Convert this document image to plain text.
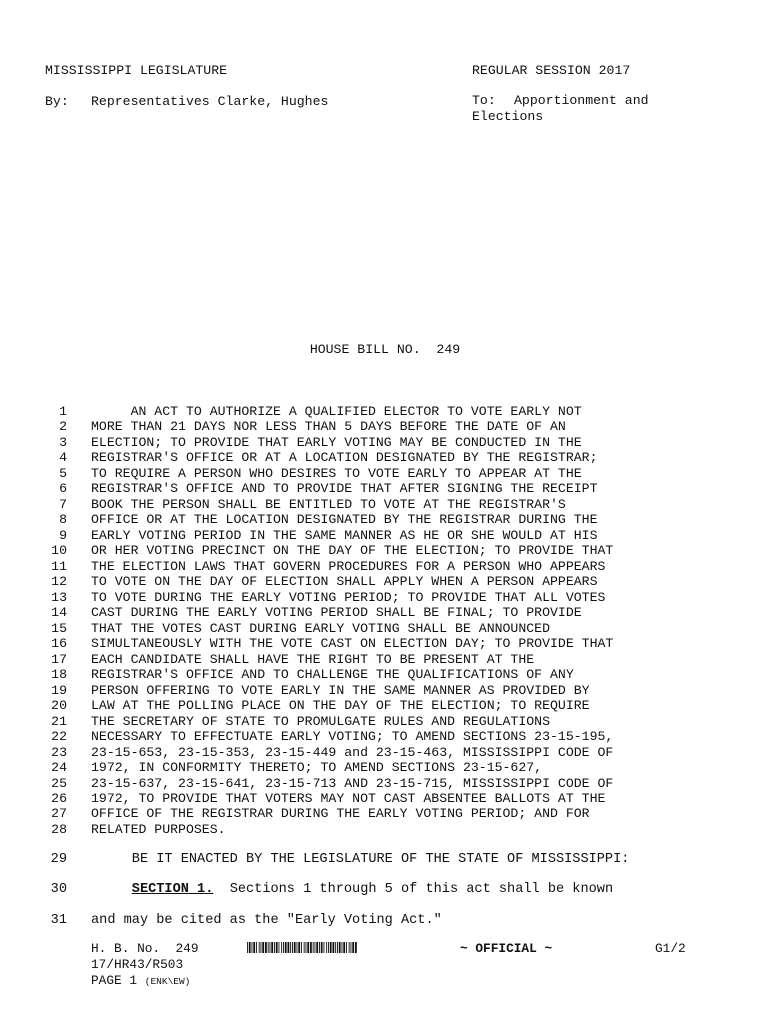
MISSISSIPPI LEGISLATURE	REGULAR SESSION 2017
By: Representatives Clarke, Hughes	To: Apportionment and
Elections
HOUSE BILL NO.  249
1 AN ACT TO AUTHORIZE A QUALIFIED ELECTOR TO VOTE EARLY NOT
2 MORE THAN 21 DAYS NOR LESS THAN 5 DAYS BEFORE THE DATE OF AN
3 ELECTION; TO PROVIDE THAT EARLY VOTING MAY BE CONDUCTED IN THE
4 REGISTRAR'S OFFICE OR AT A LOCATION DESIGNATED BY THE REGISTRAR;
5 TO REQUIRE A PERSON WHO DESIRES TO VOTE EARLY TO APPEAR AT THE
6 REGISTRAR'S OFFICE AND TO PROVIDE THAT AFTER SIGNING THE RECEIPT
7 BOOK THE PERSON SHALL BE ENTITLED TO VOTE AT THE REGISTRAR'S
8 OFFICE OR AT THE LOCATION DESIGNATED BY THE REGISTRAR DURING THE
9 EARLY VOTING PERIOD IN THE SAME MANNER AS HE OR SHE WOULD AT HIS
10 OR HER VOTING PRECINCT ON THE DAY OF THE ELECTION; TO PROVIDE THAT
11 THE ELECTION LAWS THAT GOVERN PROCEDURES FOR A PERSON WHO APPEARS
12 TO VOTE ON THE DAY OF ELECTION SHALL APPLY WHEN A PERSON APPEARS
13 TO VOTE DURING THE EARLY VOTING PERIOD; TO PROVIDE THAT ALL VOTES
14 CAST DURING THE EARLY VOTING PERIOD SHALL BE FINAL; TO PROVIDE
15 THAT THE VOTES CAST DURING EARLY VOTING SHALL BE ANNOUNCED
16 SIMULTANEOUSLY WITH THE VOTE CAST ON ELECTION DAY; TO PROVIDE THAT
17 EACH CANDIDATE SHALL HAVE THE RIGHT TO BE PRESENT AT THE
18 REGISTRAR'S OFFICE AND TO CHALLENGE THE QUALIFICATIONS OF ANY
19 PERSON OFFERING TO VOTE EARLY IN THE SAME MANNER AS PROVIDED BY
20 LAW AT THE POLLING PLACE ON THE DAY OF THE ELECTION; TO REQUIRE
21 THE SECRETARY OF STATE TO PROMULGATE RULES AND REGULATIONS
22 NECESSARY TO EFFECTUATE EARLY VOTING; TO AMEND SECTIONS 23-15-195,
23 23-15-653, 23-15-353, 23-15-449 and 23-15-463, MISSISSIPPI CODE OF
24 1972, IN CONFORMITY THERETO; TO AMEND SECTIONS 23-15-627,
25 23-15-637, 23-15-641, 23-15-713 AND 23-15-715, MISSISSIPPI CODE OF
26 1972, TO PROVIDE THAT VOTERS MAY NOT CAST ABSENTEE BALLOTS AT THE
27 OFFICE OF THE REGISTRAR DURING THE EARLY VOTING PERIOD; AND FOR
28 RELATED PURPOSES.
29 BE IT ENACTED BY THE LEGISLATURE OF THE STATE OF MISSISSIPPI:
30	SECTION 1.  Sections 1 through 5 of this act shall be known
31 and may be cited as the "Early Voting Act."
H. B. No.  249	~ OFFICIAL ~	G1/2
17/HR43/R503
PAGE 1 (ENK\EW)
